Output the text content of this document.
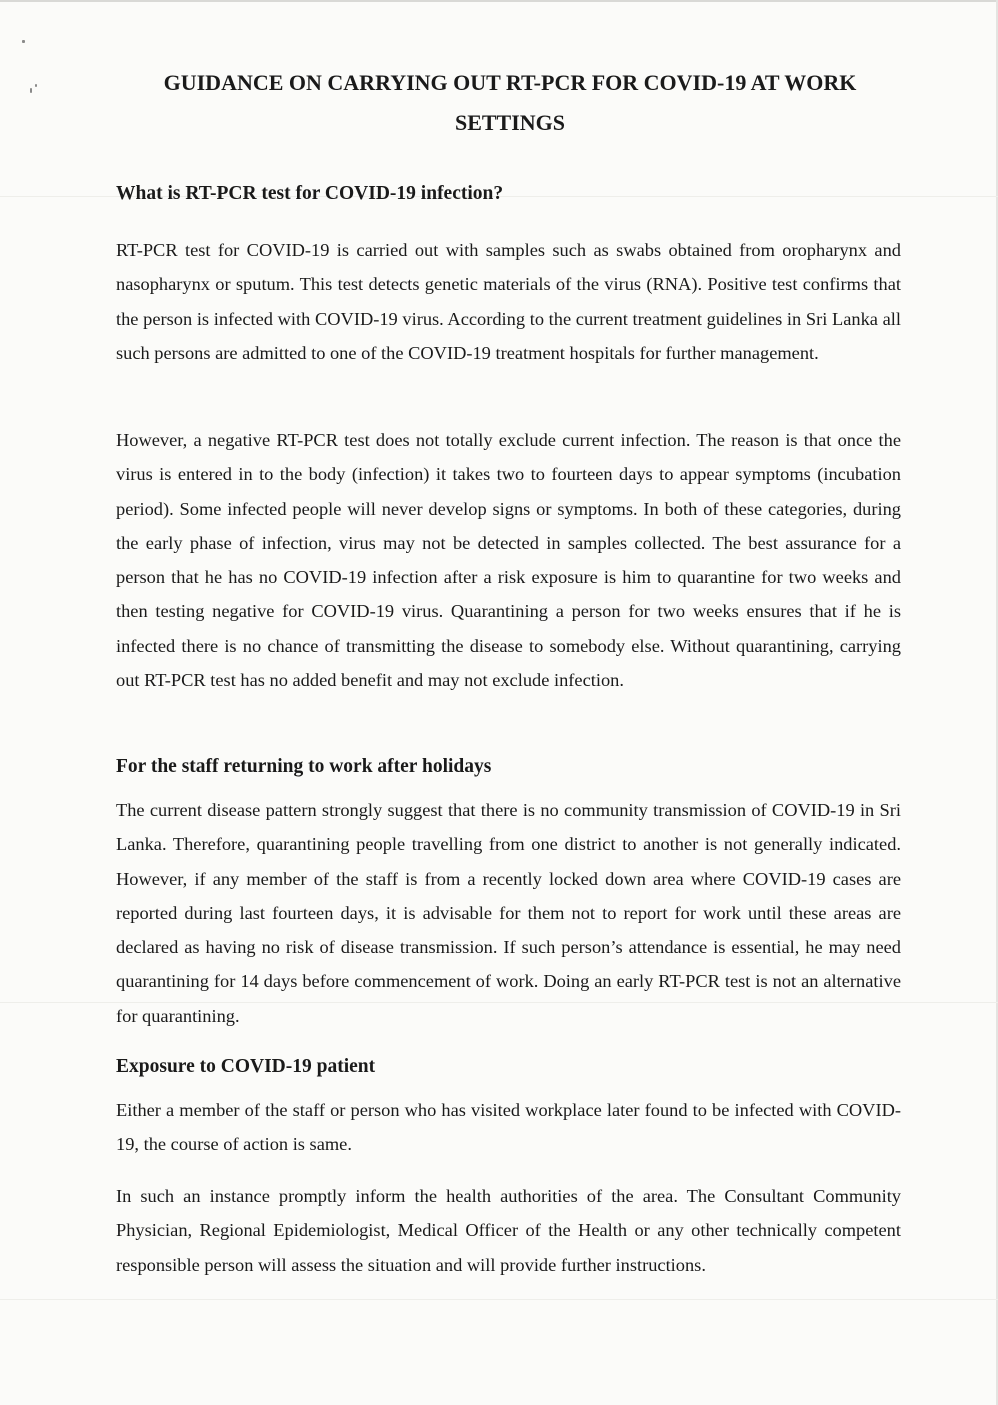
GUIDANCE ON CARRYING OUT RT-PCR FOR COVID-19 AT WORK
SETTINGS
What is RT-PCR test for COVID-19 infection?

RT-PCR test for COVID-19 is carried out with samples such as swabs obtained from oropharynx and nasopharynx or sputum. This test detects genetic materials of the virus (RNA). Positive test confirms that the person is infected with COVID-19 virus. According to the current treatment guidelines in Sri Lanka all such persons are admitted to one of the COVID-19 treatment hospitals for further management.

However, a negative RT-PCR test does not totally exclude current infection. The reason is that once the virus is entered in to the body (infection) it takes two to fourteen days to appear symptoms (incubation period). Some infected people will never develop signs or symptoms. In both of these categories, during the early phase of infection, virus may not be detected in samples collected. The best assurance for a person that he has no COVID-19 infection after a risk exposure is him to quarantine for two weeks and then testing negative for COVID-19 virus. Quarantining a person for two weeks ensures that if he is infected there is no chance of transmitting the disease to somebody else. Without quarantining, carrying out RT-PCR test has no added benefit and may not exclude infection.

For the staff returning to work after holidays

The current disease pattern strongly suggest that there is no community transmission of COVID-19 in Sri Lanka. Therefore, quarantining people travelling from one district to another is not generally indicated. However, if any member of the staff is from a recently locked down area where COVID-19 cases are reported during last fourteen days, it is advisable for them not to report for work until these areas are declared as having no risk of disease transmission. If such person’s attendance is essential, he may need quarantining for 14 days before commencement of work. Doing an early RT-PCR test is not an alternative for quarantining.

Exposure to COVID-19 patient

Either a member of the staff or person who has visited workplace later found to be infected with COVID-19, the course of action is same.

In such an instance promptly inform the health authorities of the area. The Consultant Community Physician, Regional Epidemiologist, Medical Officer of the Health or any other technically competent responsible person will assess the situation and will provide further instructions.
